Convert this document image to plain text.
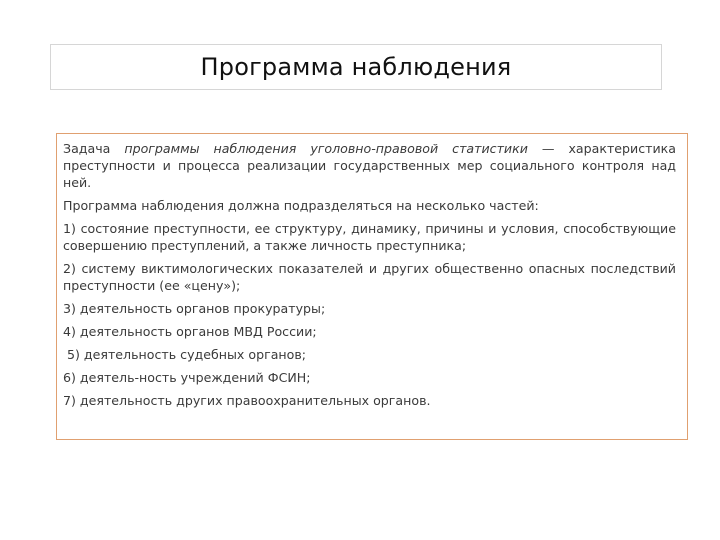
Программа наблюдения

Задача программы наблюдения уголовно-правовой статистики — характеристика преступности и процесса реализации государственных мер социального контроля над ней.

Программа наблюдения должна подразделяться на несколько частей:

1) состояние преступности, ее структуру, динамику, причины и условия, способствующие совершению преступлений, а также личность преступника;

2) систему виктимологических показателей и других общественно опасных последствий преступности (ее «цену»);

3) деятельность органов прокуратуры;

4) деятельность органов МВД России;

5) деятельность судебных органов;

6) деятель-ность учреждений ФСИН;

7) деятельность других правоохранительных органов.
